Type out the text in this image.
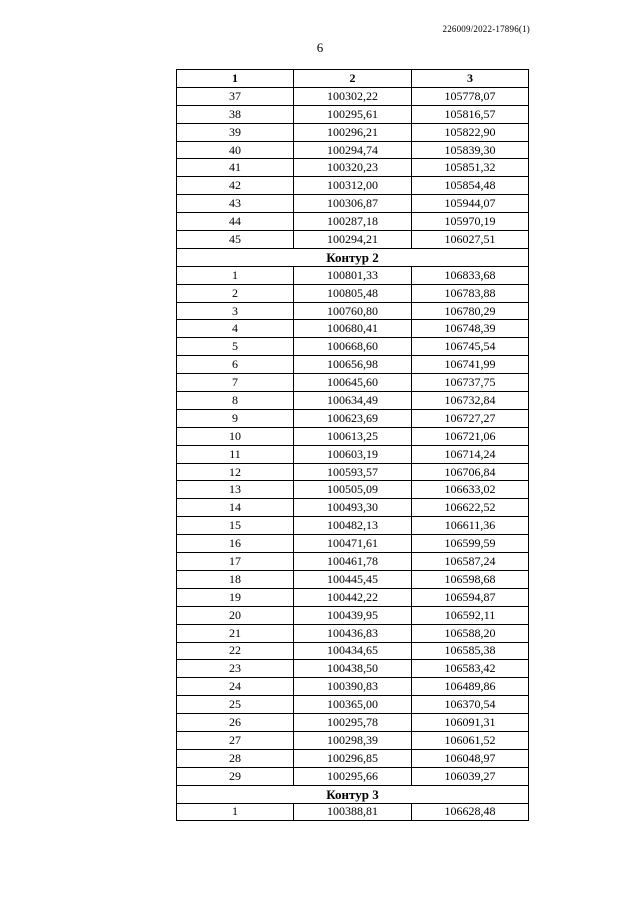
226009/2022-17896(1)
6
1	2	3
37	100302,22	105778,07
38	100295,61	105816,57
39	100296,21	105822,90
40	100294,74	105839,30
41	100320,23	105851,32
42	100312,00	105854,48
43	100306,87	105944,07
44	100287,18	105970,19
45	100294,21	106027,51
Контур 2		
1	100801,33	106833,68
2	100805,48	106783,88
3	100760,80	106780,29
4	100680,41	106748,39
5	100668,60	106745,54
6	100656,98	106741,99
7	100645,60	106737,75
8	100634,49	106732,84
9	100623,69	106727,27
10	100613,25	106721,06
11	100603,19	106714,24
12	100593,57	106706,84
13	100505,09	106633,02
14	100493,30	106622,52
15	100482,13	106611,36
16	100471,61	106599,59
17	100461,78	106587,24
18	100445,45	106598,68
19	100442,22	106594,87
20	100439,95	106592,11
21	100436,83	106588,20
22	100434,65	106585,38
23	100438,50	106583,42
24	100390,83	106489,86
25	100365,00	106370,54
26	100295,78	106091,31
27	100298,39	106061,52
28	100296,85	106048,97
29	100295,66	106039,27
Контур 3		
1	100388,81	106628,48
